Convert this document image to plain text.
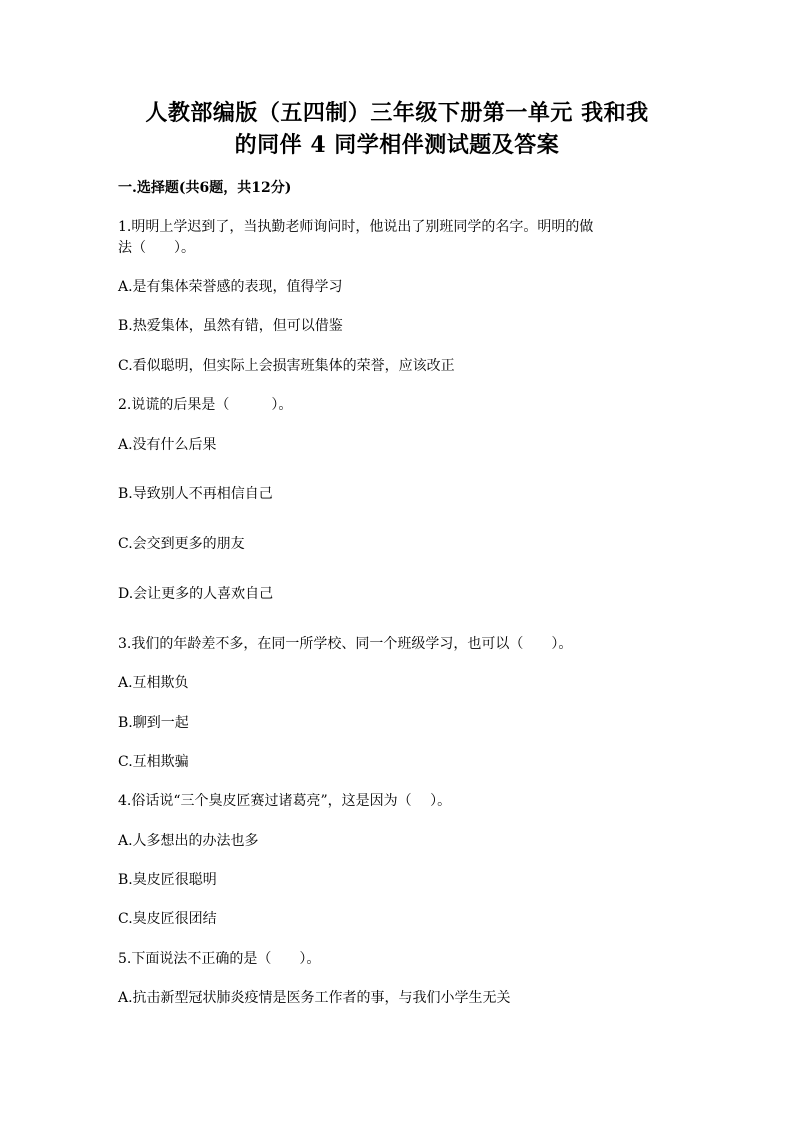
人教部编版（五四制）三年级下册第一单元 我和我
的同伴 4 同学相伴测试题及答案
一.选择题(共6题，共12分)
1.明明上学迟到了，当执勤老师询问时，他说出了别班同学的名字。明明的做
法（　　）。
A.是有集体荣誉感的表现，值得学习
B.热爱集体，虽然有错，但可以借鉴
C.看似聪明，但实际上会损害班集体的荣誉，应该改正
2.说谎的后果是（　　　）。
A.没有什么后果
B.导致别人不再相信自己
C.会交到更多的朋友
D.会让更多的人喜欢自己
3.我们的年龄差不多，在同一所学校、同一个班级学习，也可以（　　）。
A.互相欺负
B.聊到一起
C.互相欺骗
4.俗话说“三个臭皮匠赛过诸葛亮”，这是因为（　 ）。
A.人多想出的办法也多
B.臭皮匠很聪明
C.臭皮匠很团结
5.下面说法不正确的是（　　）。
A.抗击新型冠状肺炎疫情是医务工作者的事，与我们小学生无关
